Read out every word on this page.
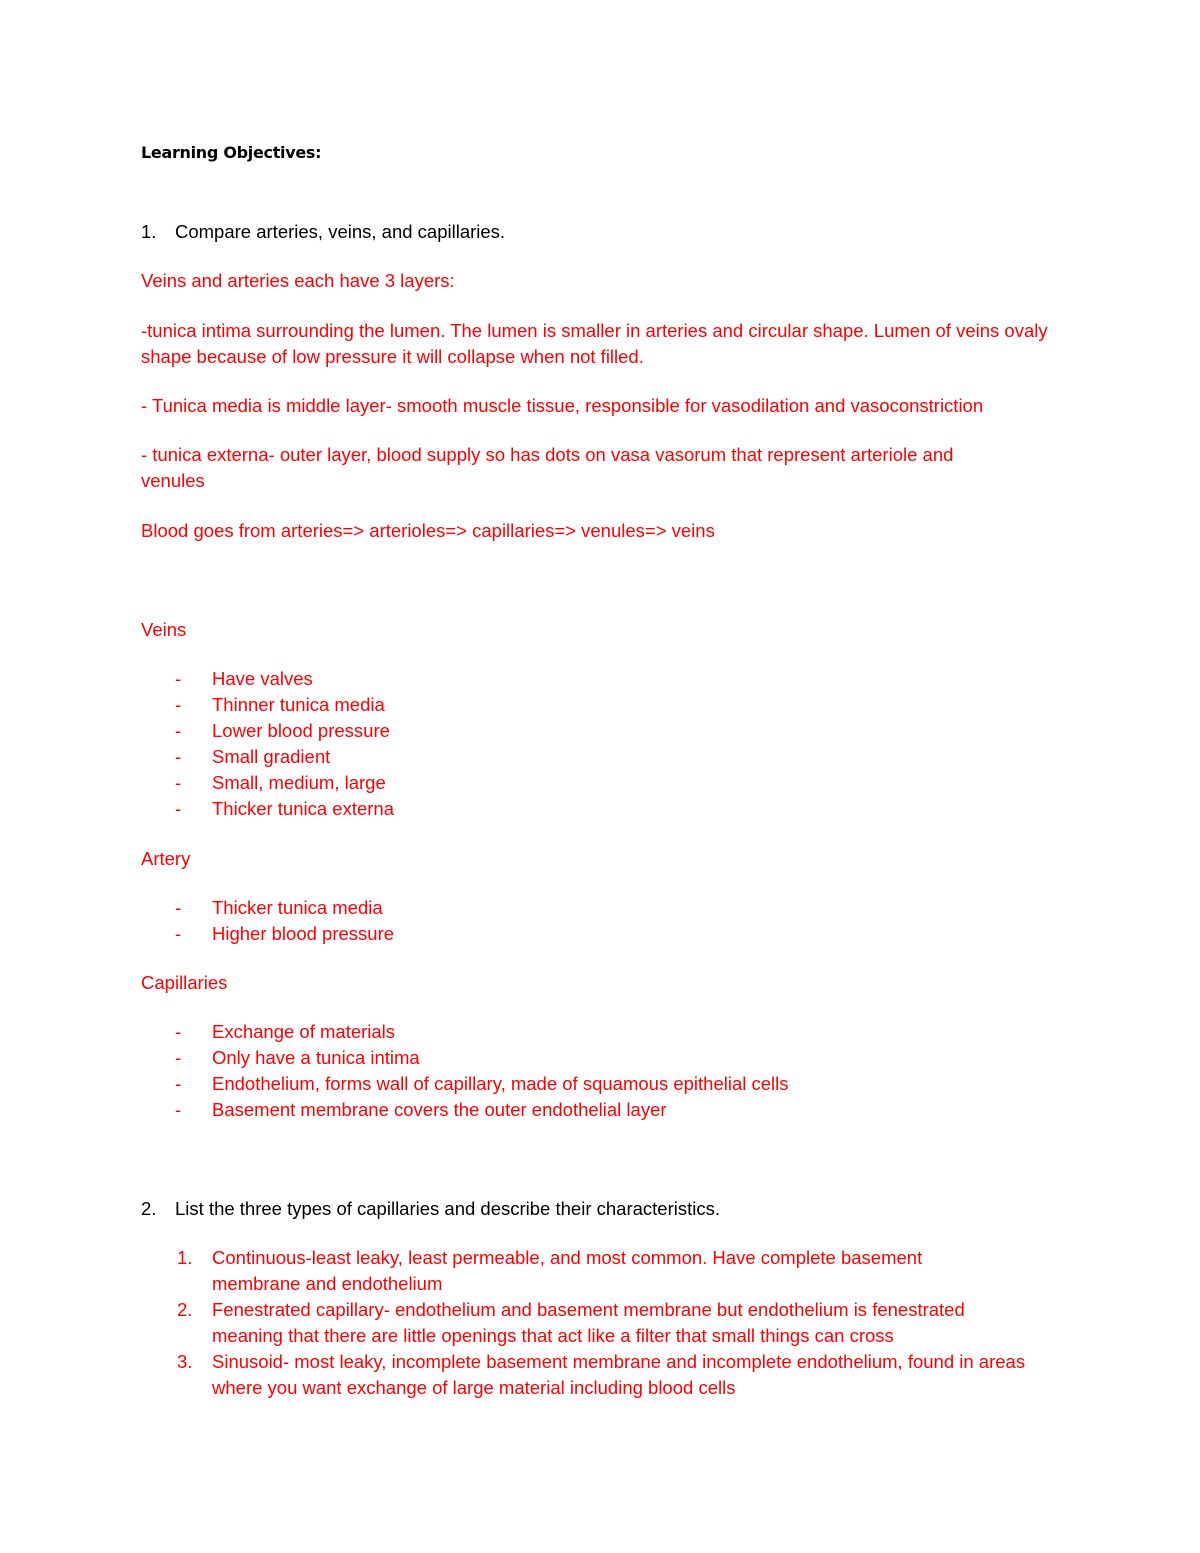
Learning Objectives:
1. Compare arteries, veins, and capillaries.
Veins and arteries each have 3 layers:
-tunica intima surrounding the lumen. The lumen is smaller in arteries and circular shape. Lumen of veins ovaly shape because of low pressure it will collapse when not filled.
- Tunica media is middle layer- smooth muscle tissue, responsible for vasodilation and vasoconstriction
- tunica externa- outer layer, blood supply so has dots on vasa vasorum that represent arteriole and venules
Blood goes from arteries=> arterioles=> capillaries=> venules=> veins
Veins
- Have valves
- Thinner tunica media
- Lower blood pressure
- Small gradient
- Small, medium, large
- Thicker tunica externa
Artery
- Thicker tunica media
- Higher blood pressure
Capillaries
- Exchange of materials
- Only have a tunica intima
- Endothelium, forms wall of capillary, made of squamous epithelial cells
- Basement membrane covers the outer endothelial layer
2. List the three types of capillaries and describe their characteristics.
1. Continuous-least leaky, least permeable, and most common. Have complete basement membrane and endothelium
2. Fenestrated capillary- endothelium and basement membrane but endothelium is fenestrated meaning that there are little openings that act like a filter that small things can cross
3. Sinusoid- most leaky, incomplete basement membrane and incomplete endothelium, found in areas where you want exchange of large material including blood cells
